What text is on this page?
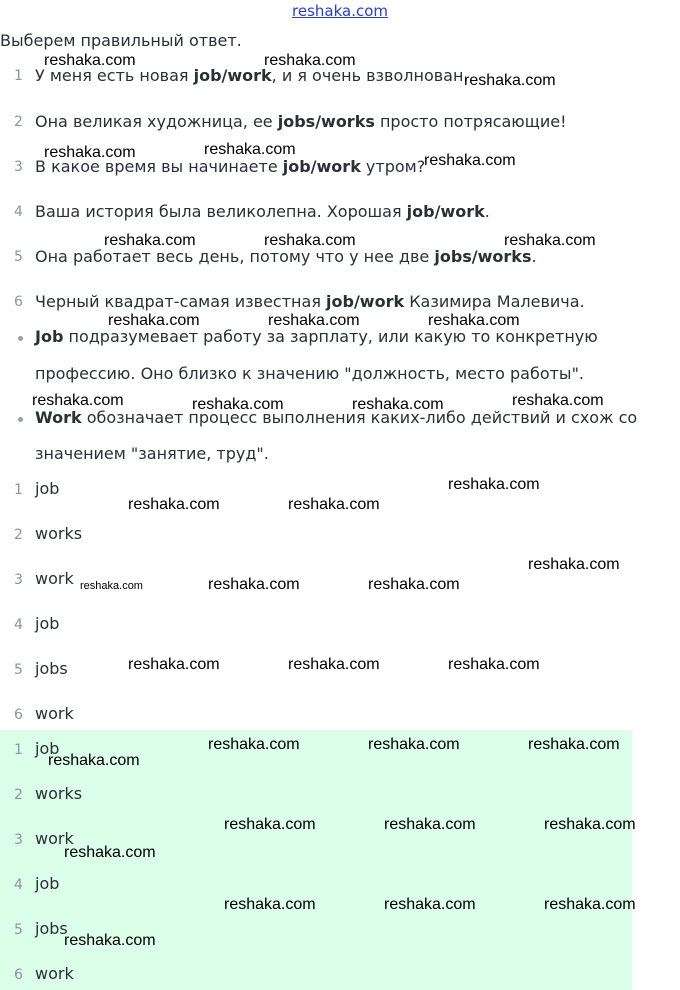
reshaka.com
Выберем правильный ответ.
1 У меня есть новая job/work, и я очень взволнован.
2 Она великая художница, ее jobs/works просто потрясающие!
3 В какое время вы начинаете job/work утром?
4 Ваша история была великолепна. Хорошая job/work.
5 Она работает весь день, потому что у нее две jobs/works.
6 Черный квадрат-самая известная job/work Казимира Малевича.
Job подразумевает работу за зарплату, или какую то конкретную
профессию. Оно близко к значению "должность, место работы".
Work обозначает процесс выполнения каких-либо действий и схож со
значением "занятие, труд".
1 job
2 works
3 work
4 job
5 jobs
6 work
1 job
2 works
3 work
4 job
5 jobs
6 work
reshaka.com	reshaka.com
reshaka.com
reshaka.com	reshaka.com
reshaka.com
reshaka.com	reshaka.com	reshaka.com
reshaka.com	reshaka.com	reshaka.com
reshaka.com	reshaka.com	reshaka.com	reshaka.com
reshaka.com
reshaka.com	reshaka.com
reshaka.com
reshaka.com	reshaka.com	reshaka.com
reshaka.com	reshaka.com	reshaka.com
reshaka.com	reshaka.com	reshaka.com
reshaka.com
reshaka.com	reshaka.com	reshaka.com
reshaka.com
reshaka.com	reshaka.com	reshaka.com
reshaka.com
